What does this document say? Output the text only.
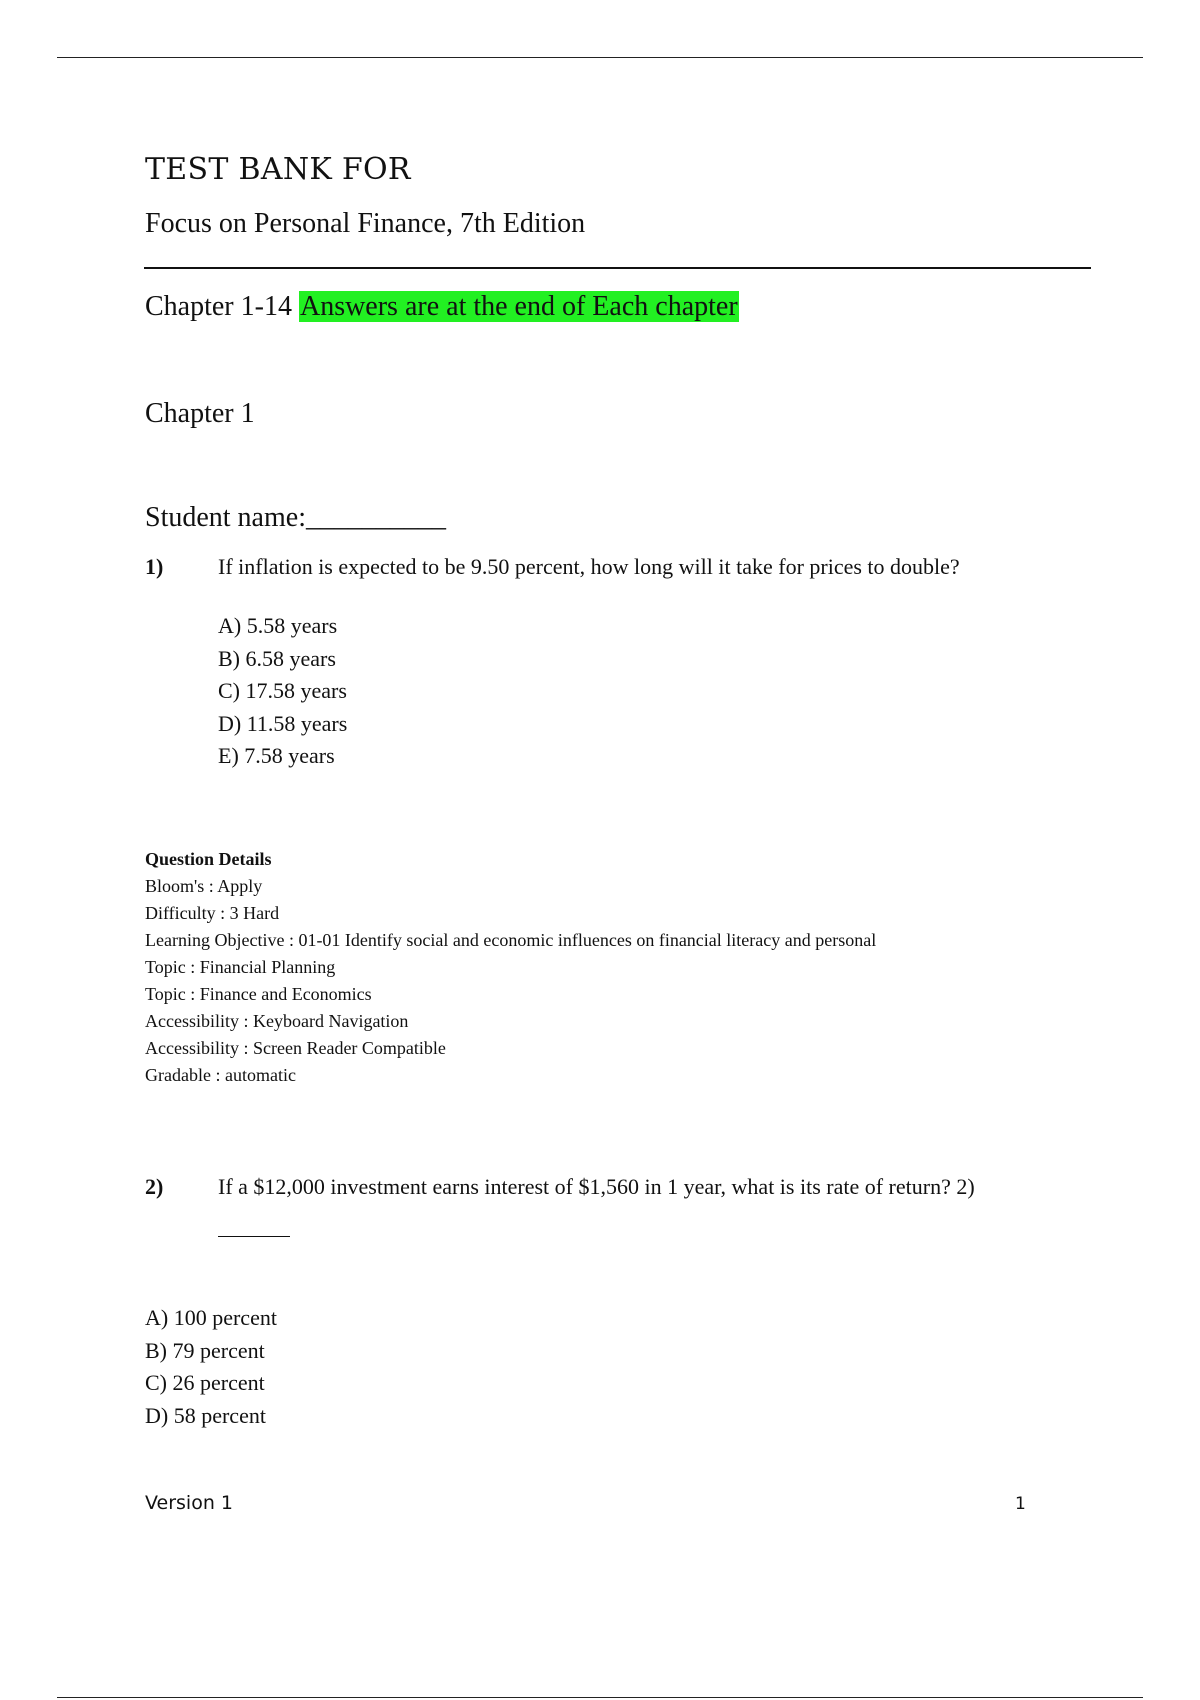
TEST BANK FOR
Focus on Personal Finance, 7th Edition
Chapter 1-14 Answers are at the end of Each chapter
Chapter 1
Student name:__________
1) If inflation is expected to be 9.50 percent, how long will it take for prices to double?
A) 5.58 years
B) 6.58 years
C) 17.58 years
D) 11.58 years
E) 7.58 years
Question Details
Bloom's : Apply
Difficulty : 3 Hard
Learning Objective : 01-01 Identify social and economic influences on financial literacy and personal
Topic : Financial Planning
Topic : Finance and Economics
Accessibility : Keyboard Navigation
Accessibility : Screen Reader Compatible
Gradable : automatic
2) If a $12,000 investment earns interest of $1,560 in 1 year, what is its rate of return? 2)
A) 100 percent
B) 79 percent
C) 26 percent
D) 58 percent
Version 1	1
